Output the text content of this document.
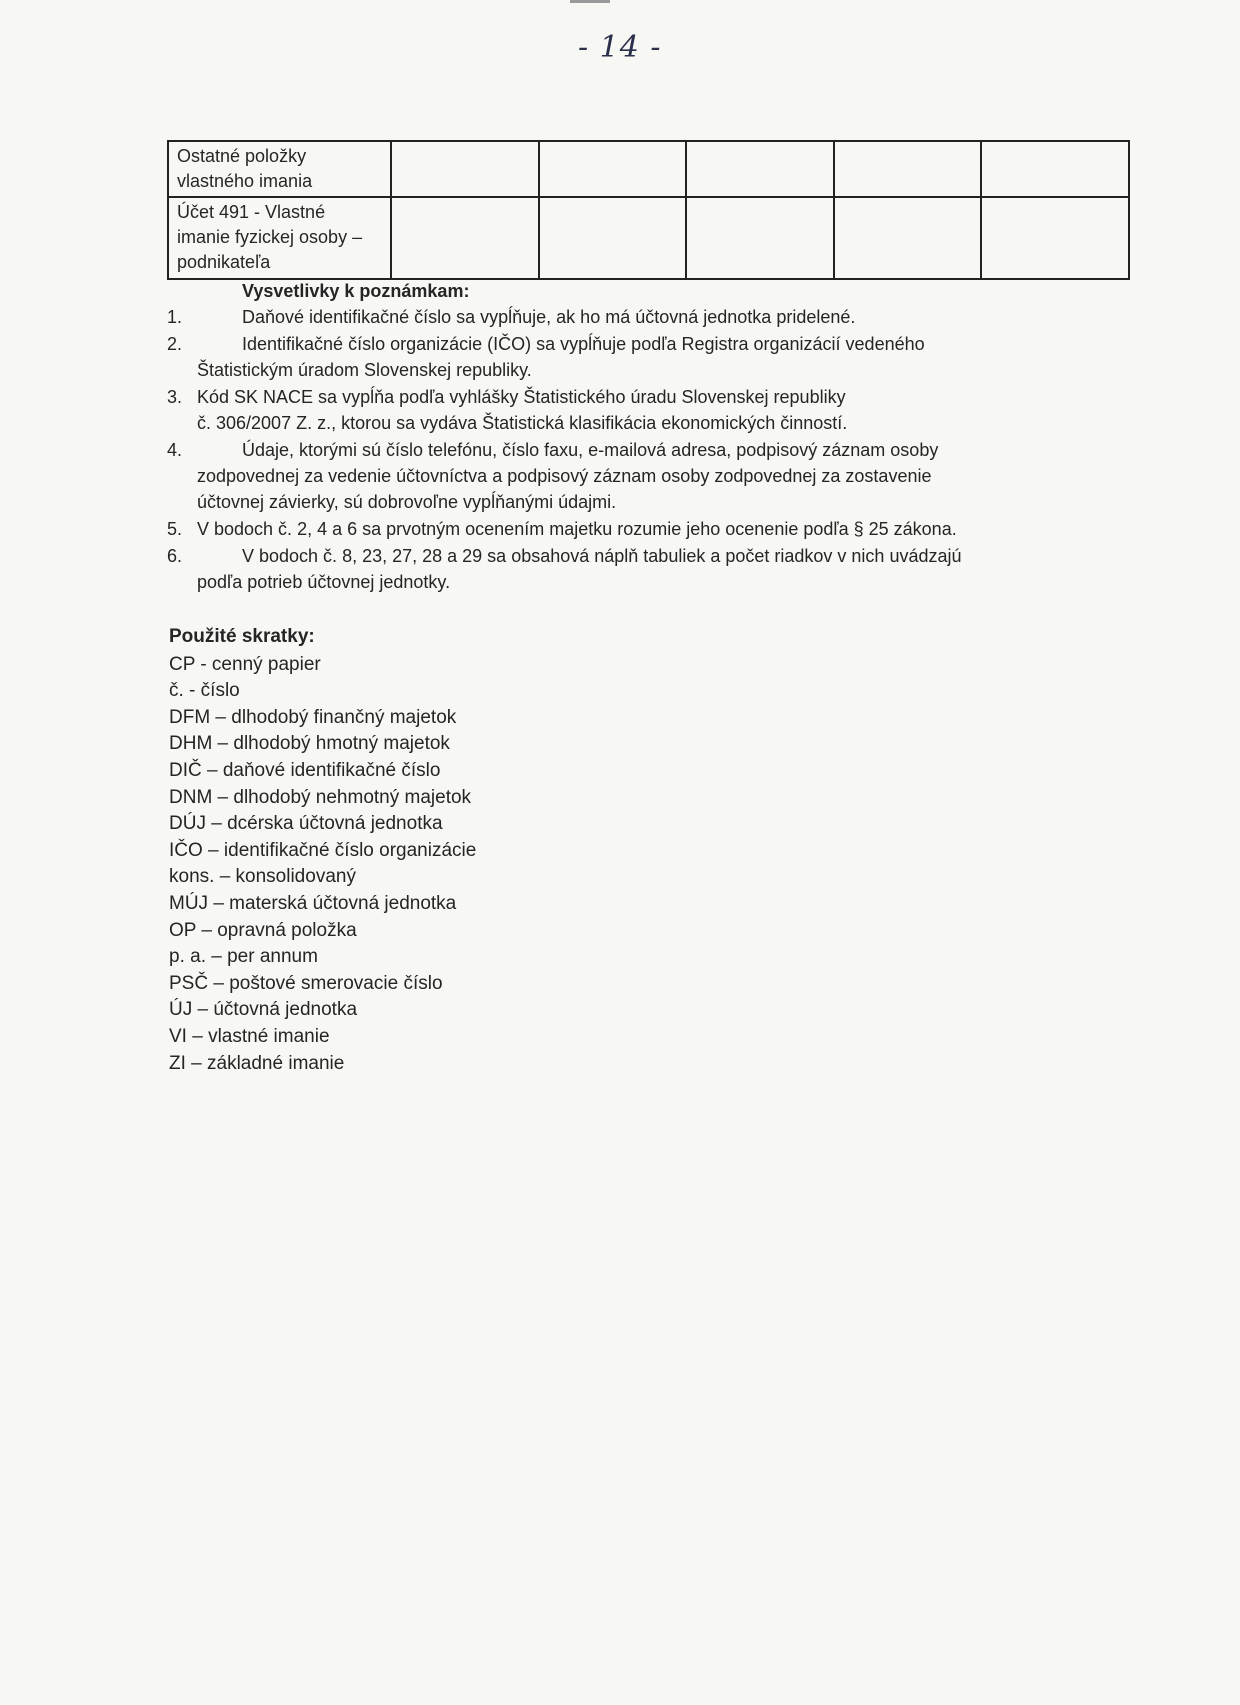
- 14 -
Ostatné položky vlastného imania					
Účet 491 - Vlastné imanie fyzickej osoby – podnikateľa					
Vysvetlivky k poznámkam:
1.	Daňové identifikačné číslo sa vypĺňuje, ak ho má účtovná jednotka pridelené.
2.	Identifikačné číslo organizácie (IČO) sa vypĺňuje podľa Registra organizácií vedeného
Štatistickým úradom Slovenskej republiky.
3. Kód SK NACE sa vypĺňa podľa vyhlášky Štatistického úradu Slovenskej republiky
č. 306/2007 Z. z., ktorou sa vydáva Štatistická klasifikácia ekonomických činností.
4.	Údaje, ktorými sú číslo telefónu, číslo faxu, e-mailová adresa, podpisový záznam osoby
zodpovednej za vedenie účtovníctva a podpisový záznam osoby zodpovednej za zostavenie
účtovnej závierky, sú dobrovoľne vypĺňanými údajmi.
5. V bodoch č. 2, 4 a 6 sa prvotným ocenením majetku rozumie jeho ocenenie podľa § 25 zákona.
6.	V bodoch č. 8, 23, 27, 28 a 29 sa obsahová náplň tabuliek a počet riadkov v nich uvádzajú
podľa potrieb účtovnej jednotky.
Použité skratky:
CP - cenný papier
č. - číslo
DFM – dlhodobý finančný majetok
DHM – dlhodobý hmotný majetok
DIČ – daňové identifikačné číslo
DNM – dlhodobý nehmotný majetok
DÚJ – dcérska účtovná jednotka
IČO – identifikačné číslo organizácie
kons. – konsolidovaný
MÚJ – materská účtovná jednotka
OP – opravná položka
p. a. – per annum
PSČ – poštové smerovacie číslo
ÚJ – účtovná jednotka
VI – vlastné imanie
ZI – základné imanie
